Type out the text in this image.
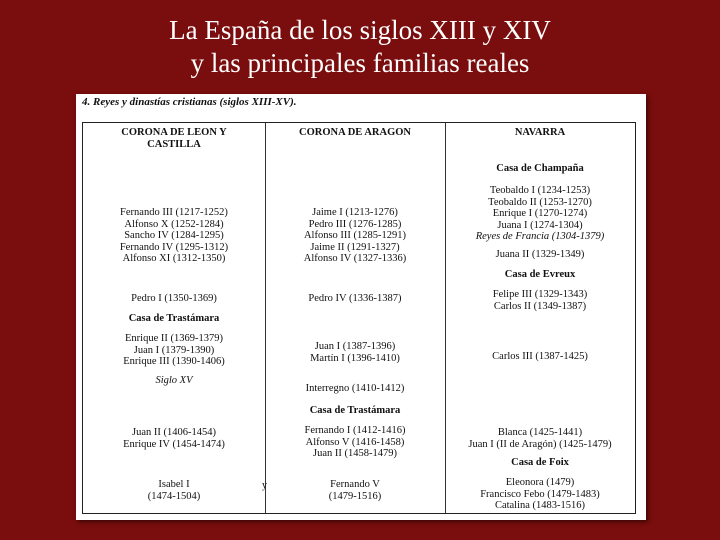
La España de los siglos XIII y XIV
y las principales familias reales
4. Reyes y dinastías cristianas (siglos XIII-XV).
CORONA DE LEON Y
CASTILLA
Fernando III (1217-1252)
Alfonso X (1252-1284)
Sancho IV (1284-1295)
Fernando IV (1295-1312)
Alfonso XI (1312-1350)
Pedro I (1350-1369)
Casa de Trastámara
Enrique II (1369-1379)
Juan I (1379-1390)
Enrique III (1390-1406)
Siglo XV
Juan II (1406-1454)
Enrique IV (1454-1474)
Isabel I
(1474-1504)
CORONA DE ARAGON
Jaime I (1213-1276)
Pedro III (1276-1285)
Alfonso III (1285-1291)
Jaime II (1291-1327)
Alfonso IV (1327-1336)
Pedro IV (1336-1387)
Juan I (1387-1396)
Martín I (1396-1410)
Interregno (1410-1412)
Casa de Trastámara
Fernando I (1412-1416)
Alfonso V (1416-1458)
Juan II (1458-1479)
Fernando V
(1479-1516)
NAVARRA
Casa de Champaña
Teobaldo I (1234-1253)
Teobaldo II (1253-1270)
Enrique I (1270-1274)
Juana I (1274-1304)
Reyes de Francia (1304-1379)
Juana II (1329-1349)
Casa de Evreux
Felipe III (1329-1343)
Carlos II (1349-1387)
Carlos III (1387-1425)
Blanca (1425-1441)
Juan I (II de Aragón) (1425-1479)
Casa de Foix
Eleonora (1479)
Francisco Febo (1479-1483)
Catalina (1483-1516)
y
